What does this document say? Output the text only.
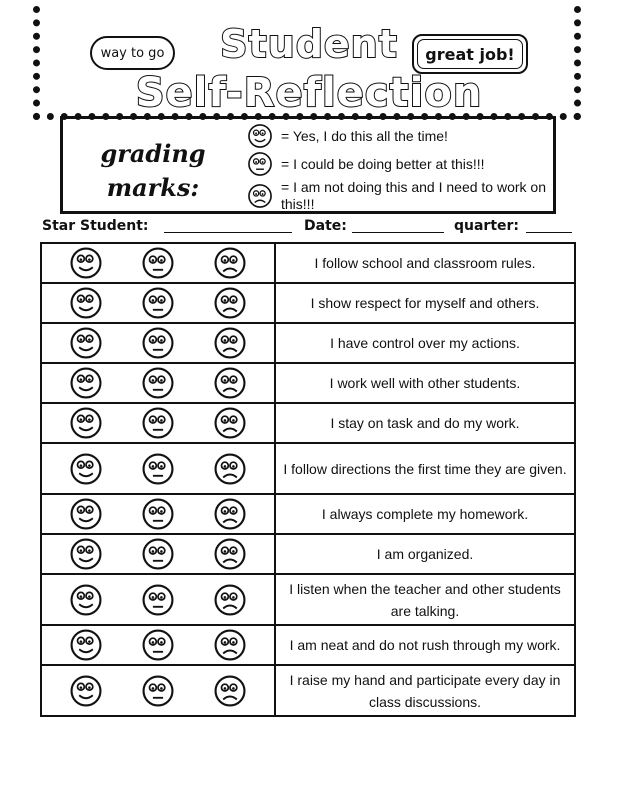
way to go	great job!
Student
Self-Reflection
grading
marks:
= Yes, I do this all the time!
= I could be doing better at this!!!
= I am not doing this and I need to work on this!!!
Star Student:	Date:	quarter:
	I follow school and classroom rules.

	I show respect for myself and others.

	I have control over my actions.

	I work well with other students.

	I stay on task and do my work.

	I follow directions the first time they are given.

	I always complete my homework.

	I am organized.

	I listen when the teacher and other students are talking.

	I am neat and do not rush through my work.

	I raise my hand and participate every day in class discussions.
